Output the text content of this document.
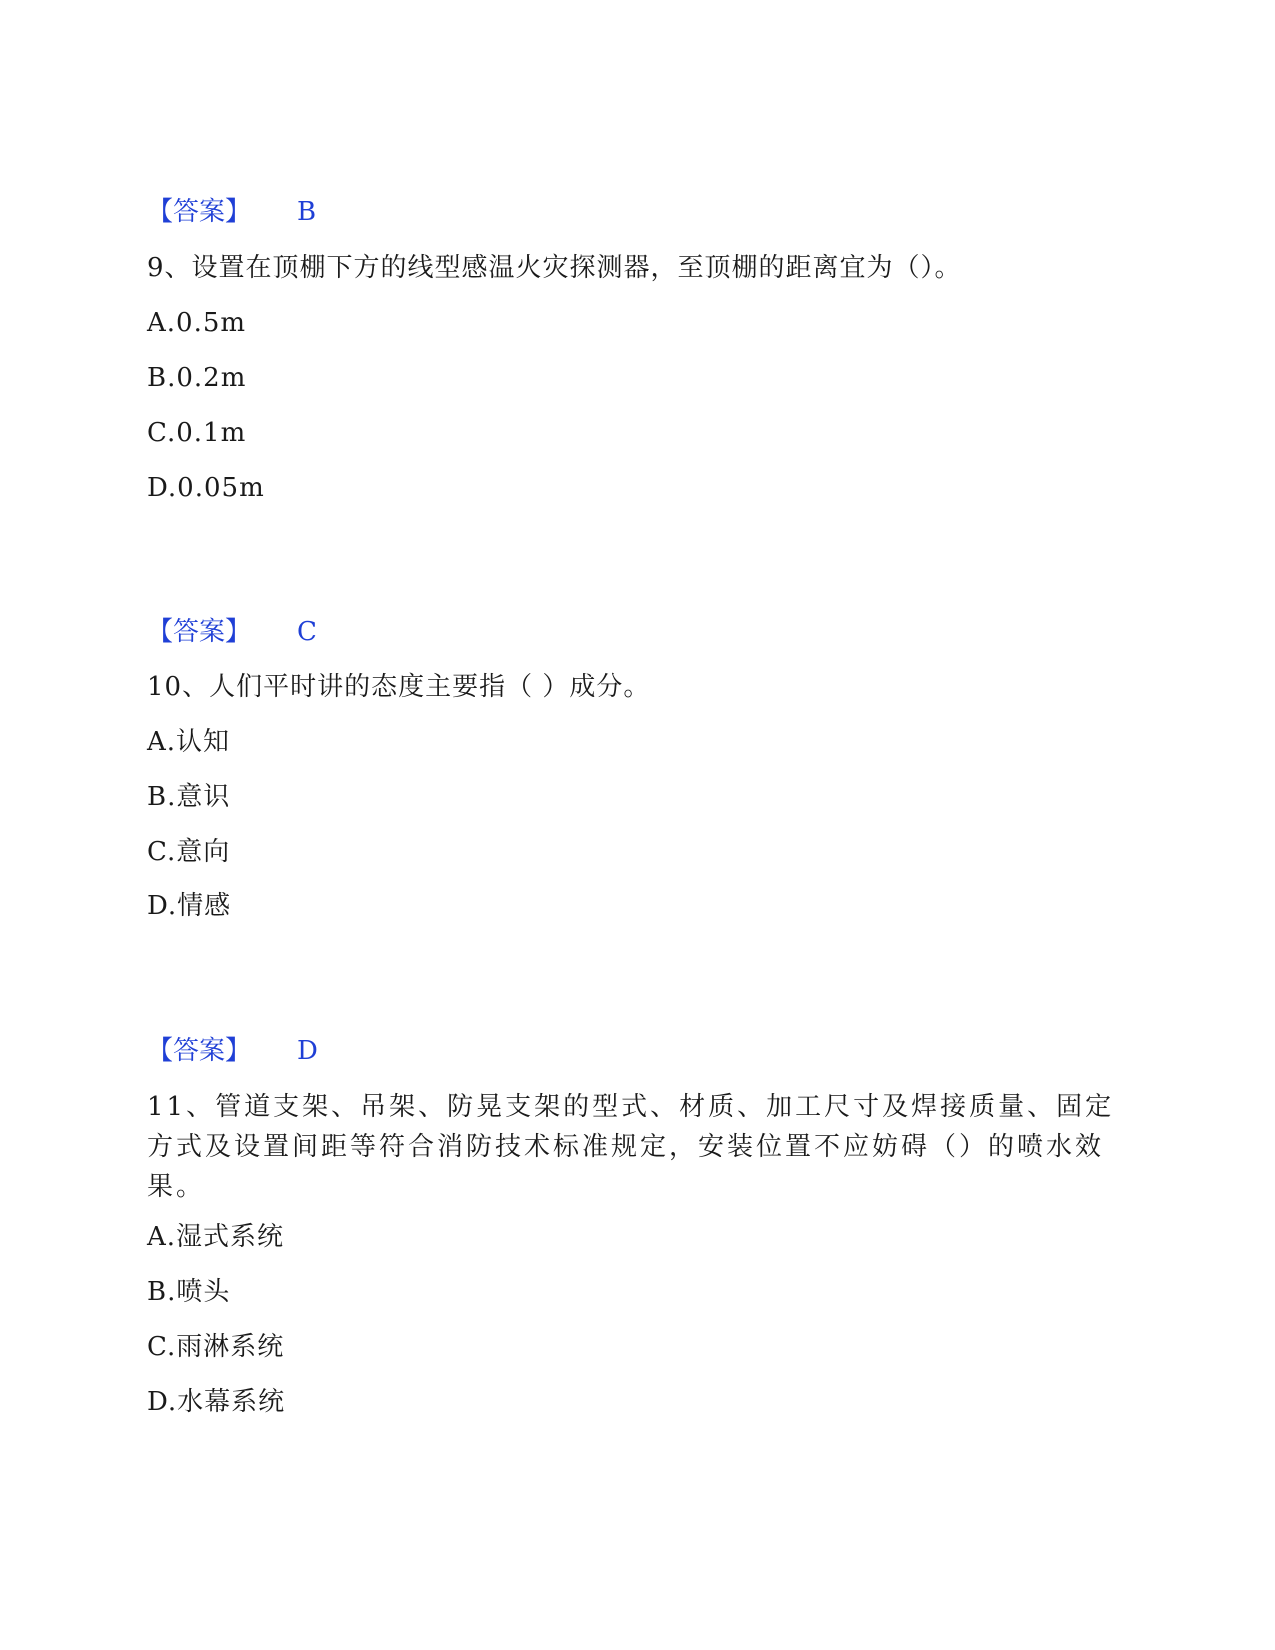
【答案】 B
9、设置在顶棚下方的线型感温火灾探测器，至顶棚的距离宜为（）。
A.0.5m
B.0.2m
C.0.1m
D.0.05m
【答案】 C
10、人们平时讲的态度主要指（ ）成分。
A.认知
B.意识
C.意向
D.情感
【答案】 D
11、管道支架、吊架、防晃支架的型式、材质、加工尺寸及焊接质量、固定方式及设置间距等符合消防技术标准规定，安装位置不应妨碍（）的喷水效果。
A.湿式系统
B.喷头
C.雨淋系统
D.水幕系统
